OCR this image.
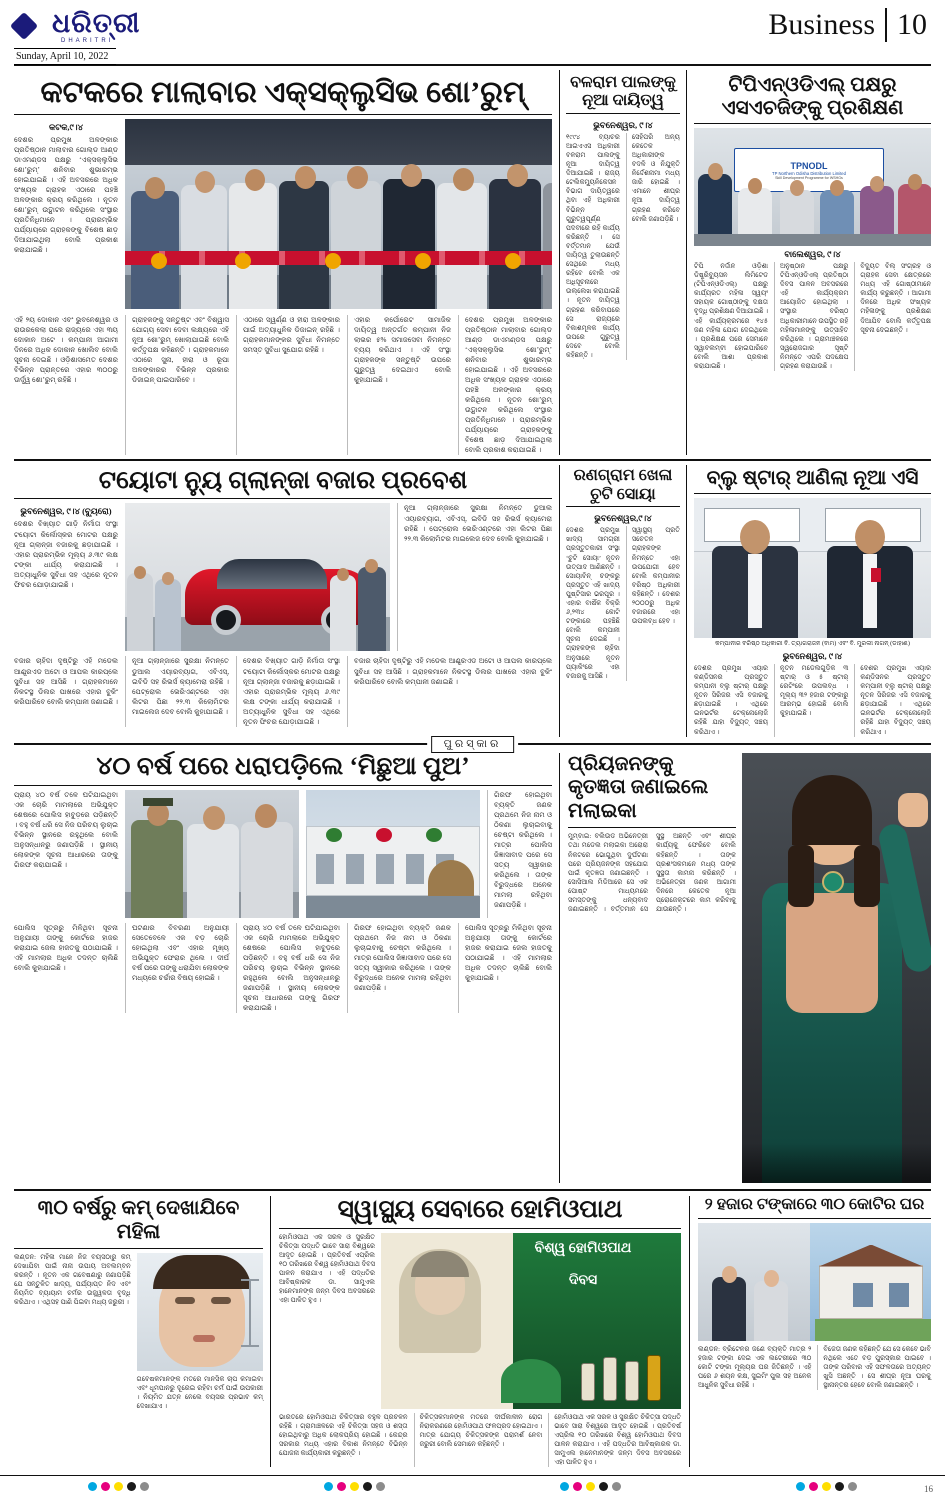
ଧରିତ୍ରୀ
DHARITRI
Sunday, April 10, 2022
Business 10
କଟକରେ ମାଲାବାର ଏକ୍ସକ୍ଲୁସିଭ ଶୋ’ରୁମ୍
କଟକ,୯।୪
ଦେଶର ପ୍ରମୁଖ ଅଳଙ୍କାର ପ୍ରତିଷ୍ଠାନ ମାଲାବାର ଗୋଲ୍ଡ ଆଣ୍ଡ ଡାଏମଣ୍ଡସ ପକ୍ଷରୁ ‘ଏକ୍ସକ୍ଲୁସିଭ ଶୋ’ରୁମ୍’ ଶନିବାର ଶୁଭାରମ୍ଭ ହୋଇଯାଇଛି । ଏହି ଅବସରରେ ଅଧିକ ସଂଖ୍ୟକ ଗ୍ରାହକ ଏଠାରେ ପହଞ୍ଚି ଅଳଙ୍କାର କ୍ରୟ କରିଥିଲେ । ନୂତନ ଶୋ’ରୁମ୍ ଉଦ୍ଘାଟନ କରିଥିଲେ ସଂସ୍ଥାର ପ୍ରତିନିଧିମାନେ । ପ୍ରାରମ୍ଭିକ ପର୍ଯ୍ୟାୟରେ ଗ୍ରାହକଙ୍କୁ ବିଶେଷ ଛାଡ଼ ଦିଆଯାଇଥିଲା ବୋଲି ପ୍ରକାଶ କରାଯାଇଛି ।
ଏହି ୨ୟ ଦୋକାନ ଏବଂ ଭୁବନେଶ୍ୱର ଓ ରାଉରକେଲା ପରେ ରାଜ୍ୟରେ ଏହା ୩ୟ ଦୋକାନ ଅଟେ । କମ୍ପାନୀ ଆଗାମୀ ଦିନରେ ଅଧିକ ଦୋକାନ ଖୋଲିବ ବୋଲି ସୂଚନା ଦେଇଛି । ଓଡ଼ିଶାସମେତ ଦେଶର ବିଭିନ୍ନ ପ୍ରାନ୍ତରେ ଏହାର ୩୦୦ରୁ ଊର୍ଦ୍ଧ୍ୱ ଶୋ’ରୁମ୍ ରହିଛି ।
ଗ୍ରାହକଙ୍କୁ ସନ୍ତୁଷ୍ଟ ଏବଂ ବିଶ୍ୱାସ ଯୋଗ୍ୟ ସେବା ଦେବା ଲକ୍ଷ୍ୟରେ ଏହି ନୂଆ ଶୋ’ରୁମ୍ ଖୋଲାଯାଇଛି ବୋଲି କର୍ତ୍ତୃପକ୍ଷ କହିଛନ୍ତି । ଗ୍ରାହକମାନେ ଏଠାରେ ସୁନା, ହୀରା ଓ ରୂପା ଅଳଙ୍କାରର ବିଭିନ୍ନ ପ୍ରକାର ଡିଜାଇନ୍ ପାଇପାରିବେ ।
ଏଠାରେ ସ୍ୱର୍ଣ୍ଣ ଓ ହୀରା ଅଳଙ୍କାର ପାଇଁ ଅତ୍ୟାଧୁନିକ ଡିଜାଇନ୍ ରହିଛି । ଗ୍ରାହକମାନଙ୍କର ସୁବିଧା ନିମନ୍ତେ ସମସ୍ତ ସୁବିଧା ସୁଯୋଗ ରହିଛି ।
ଏହାର କର୍ପୋରେଟ ସାମାଜିକ ଦାୟିତ୍ୱ ଅନ୍ତର୍ଗତ କମ୍ପାନୀ ନିଜ ଲାଭର ୫% ସମାଜସେବା ନିମନ୍ତେ ବ୍ୟୟ କରିଥାଏ । ଏହି ସଂସ୍ଥା ଗ୍ରାହକଙ୍କ ସନ୍ତୁଷ୍ଟି ଉପରେ ଗୁରୁତ୍ୱ ଦେଇଥାଏ ବୋଲି କୁହାଯାଇଛି ।
ଦେଶର ପ୍ରମୁଖ ଅଳଙ୍କାର ପ୍ରତିଷ୍ଠାନ ମାଲାବାର ଗୋଲ୍ଡ ଆଣ୍ଡ ଡାଏମଣ୍ଡସ ପକ୍ଷରୁ ‘ଏକ୍ସକ୍ଲୁସିଭ ଶୋ’ରୁମ୍’ ଶନିବାର ଶୁଭାରମ୍ଭ ହୋଇଯାଇଛି । ଏହି ଅବସରରେ ଅଧିକ ସଂଖ୍ୟକ ଗ୍ରାହକ ଏଠାରେ ପହଞ୍ଚି ଅଳଙ୍କାର କ୍ରୟ କରିଥିଲେ । ନୂତନ ଶୋ’ରୁମ୍ ଉଦ୍ଘାଟନ କରିଥିଲେ ସଂସ୍ଥାର ପ୍ରତିନିଧିମାନେ । ପ୍ରାରମ୍ଭିକ ପର୍ଯ୍ୟାୟରେ ଗ୍ରାହକଙ୍କୁ ବିଶେଷ ଛାଡ଼ ଦିଆଯାଇଥିଲା ବୋଲି ପ୍ରକାଶ କରାଯାଇଛି ।
ବଳରାମ ପାଲଙ୍କୁ ନୂଆ ଦାୟିତ୍ୱ
ଭୁବନେଶ୍ୱର, ୯।୪
୧୯୯୪ ବ୍ୟାଚର ଆଇଏଏସ ଅଧିକାରୀ ବଳରାମ ପାଲଙ୍କୁ ନୂଆ ଦାୟିତ୍ୱ ଦିଆଯାଇଛି । ରାଜ୍ୟ ଟେଲିକମ୍ୟୁନିକେସନ ବିଭାଗ ଦାୟିତ୍ୱରେ ଥିବା ଏହି ଅଧିକାରୀ ବିଭିନ୍ନ ଗୁରୁତ୍ୱପୂର୍ଣ୍ଣ ପଦବୀରେ ରହି କାର୍ଯ୍ୟ କରିଛନ୍ତି । ସେ ବର୍ତ୍ତମାନ ଯେଉଁ ଦାୟିତ୍ୱ ତୁଲାଉଛନ୍ତି ସେଥିରେ ମଧ୍ୟ ରହିବେ ବୋଲି ଏକ ଅଧିସୂଚନାରେ ଉଲ୍ଲେଖ କରାଯାଇଛି । ନୂତନ ଦାୟିତ୍ୱ ଗ୍ରହଣ କରିବାପରେ ସେ ରାଜ୍ୟରେ ବିକାଶମୂଳକ କାର୍ଯ୍ୟ ଉପରେ ଗୁରୁତ୍ୱ ଦେବେ ବୋଲି କହିଛନ୍ତି ।
ସେହିପରି ଅନ୍ୟ କେତେକ ଅଧିକାରୀଙ୍କ ବଦଳି ଓ ନିଯୁକ୍ତି ନିର୍ଦ୍ଦେଶନାମା ମଧ୍ୟ ଜାରି ହୋଇଛି । ଏମାନେ ଶୀଘ୍ର ନୂଆ ଦାୟିତ୍ୱ ଗ୍ରହଣ କରିବେ ବୋଲି ଜଣାପଡ଼ିଛି ।
ଟିପିଏନ୍ଓଡିଏଲ୍ ପକ୍ଷରୁ ଏସଏଚଜିଙ୍କୁ ପ୍ରଶିକ୍ଷଣ
TPNODL
TP Northern Odisha Distribution Limited
Skill Development Programme for WSHGs
ବାଲେଶ୍ୱର, ୯।୪
ଟିପି ନର୍ଦ୍ଦାନ ଓଡ଼ିଶା ଡିଷ୍ଟ୍ରିବ୍ୟୁସନ ଲିମିଟେଡ (ଟିପିଏନ୍ଓଡିଏଲ୍) ପକ୍ଷରୁ କାର୍ଯ୍ୟରତ ମହିଳା ସ୍ୱୟଂ ସହାୟକ ଗୋଷ୍ଠୀଙ୍କୁ ଦକ୍ଷତା ବୃଦ୍ଧି ପ୍ରଶିକ୍ଷଣ ଦିଆଯାଇଛି । ଏହି କାର୍ଯ୍ୟକ୍ରମରେ ୧୪୫ ଜଣ ମହିଳା ଯୋଗ ଦେଇଥିଲେ । ପ୍ରଶିକ୍ଷଣ ପରେ ସେମାନେ ସ୍ୱାବଲମ୍ବୀ ହୋଇପାରିବେ ବୋଲି ଆଶା ପ୍ରକାଶ କରାଯାଇଛି ।
ଅନୁଷ୍ଠାନ ପକ୍ଷରୁ ଟିପିଏନ୍ଓଡିଏଲ୍ ପ୍ରତିଷ୍ଠା ଦିବସ ପାଳନ ଅବସରରେ ଏହି କାର୍ଯ୍ୟକ୍ରମ ଆୟୋଜିତ ହୋଇଥିଲା । ସଂସ୍ଥାର ବରିଷ୍ଠ ଅଧିକାରୀମାନେ ଉପସ୍ଥିତ ରହି ମହିଳାମାନଙ୍କୁ ଉତ୍ସାହିତ କରିଥିଲେ । ଗ୍ରାମାଞ୍ଚଳରେ ସ୍ୱରୋଜଗାର ସୃଷ୍ଟି ନିମନ୍ତେ ଏପରି ପଦକ୍ଷେପ ଗ୍ରହଣ କରାଯାଉଛି ।
ବିଦ୍ୟୁତ ବିଲ୍ ସଂଗ୍ରହ ଓ ଗ୍ରାହକ ସେବା କ୍ଷେତ୍ରରେ ମଧ୍ୟ ଏହି ଗୋଷ୍ଠୀମାନେ କାର୍ଯ୍ୟ କରୁଛନ୍ତି । ଆଗାମୀ ଦିନରେ ଅଧିକ ସଂଖ୍ୟକ ମହିଳାଙ୍କୁ ପ୍ରଶିକ୍ଷଣ ଦିଆଯିବ ବୋଲି କର୍ତ୍ତୃପକ୍ଷ ସୂଚନା ଦେଇଛନ୍ତି ।
ଟୟୋଟା ନ୍ୟୁ ଗ୍ଲାନ୍ଜା ବଜାର ପ୍ରବେଶ
ଭୁବନେଶ୍ୱର, ୯।୪ (ବ୍ୟୁରୋ)
ଦେଶର ବିଖ୍ୟାତ ଗାଡ଼ି ନିର୍ମାତା ସଂସ୍ଥା ଟୟୋଟା କିର୍ଲୋସ୍କର ମୋଟର ପକ୍ଷରୁ ନୂଆ ଗ୍ଲାନ୍ଜା ବଜାରକୁ ଛଡ଼ାଯାଇଛି । ଏହାର ପ୍ରାରମ୍ଭିକ ମୂଲ୍ୟ ୬.୩୯ ଲକ୍ଷ ଟଙ୍କା ଧାର୍ଯ୍ୟ କରାଯାଇଛି । ଅତ୍ୟାଧୁନିକ ସୁବିଧା ସହ ଏଥିରେ ନୂତନ ଫିଚର ଯୋଡ଼ାଯାଇଛି ।
ନୂଆ ଗ୍ଲାନ୍ଜାରେ ସୁରକ୍ଷା ନିମନ୍ତେ ଡୁଆଲ ଏୟାରବ୍ୟାଗ, ଏବିଏସ୍, ଇବିଡି ସହ ରିଭର୍ସ କ୍ୟାମେରା ରହିଛି । ପେଟ୍ରୋଲ ଭେରିଏଣ୍ଟରେ ଏହା ଲିଟର ପିଛା ୨୨.୩ କିଲୋମିଟର ମାଇଲେଜ ଦେବ ବୋଲି କୁହାଯାଇଛି ।
ବଜାର ଚାହିଦା ଦୃଷ୍ଟିରୁ ଏହି ମଡେଲ ଆଣ୍ଡ୍ରଏଡ ଅଟୋ ଓ ଆପଲ କାରପ୍ଲେ ସୁବିଧା ସହ ଆସିଛି । ଗ୍ରାହକମାନେ ନିକଟସ୍ଥ ଡିଲର ପାଖରେ ଏହାର ବୁକିଂ କରିପାରିବେ ବୋଲି କମ୍ପାନୀ ଜଣାଇଛି ।
ନୂଆ ଗ୍ଲାନ୍ଜାରେ ସୁରକ୍ଷା ନିମନ୍ତେ ଡୁଆଲ ଏୟାରବ୍ୟାଗ, ଏବିଏସ୍, ଇବିଡି ସହ ରିଭର୍ସ କ୍ୟାମେରା ରହିଛି । ପେଟ୍ରୋଲ ଭେରିଏଣ୍ଟରେ ଏହା ଲିଟର ପିଛା ୨୨.୩ କିଲୋମିଟର ମାଇଲେଜ ଦେବ ବୋଲି କୁହାଯାଇଛି ।
ଦେଶର ବିଖ୍ୟାତ ଗାଡ଼ି ନିର୍ମାତା ସଂସ୍ଥା ଟୟୋଟା କିର୍ଲୋସ୍କର ମୋଟର ପକ୍ଷରୁ ନୂଆ ଗ୍ଲାନ୍ଜା ବଜାରକୁ ଛଡ଼ାଯାଇଛି । ଏହାର ପ୍ରାରମ୍ଭିକ ମୂଲ୍ୟ ୬.୩୯ ଲକ୍ଷ ଟଙ୍କା ଧାର୍ଯ୍ୟ କରାଯାଇଛି । ଅତ୍ୟାଧୁନିକ ସୁବିଧା ସହ ଏଥିରେ ନୂତନ ଫିଚର ଯୋଡ଼ାଯାଇଛି ।
ବଜାର ଚାହିଦା ଦୃଷ୍ଟିରୁ ଏହି ମଡେଲ ଆଣ୍ଡ୍ରଏଡ ଅଟୋ ଓ ଆପଲ କାରପ୍ଲେ ସୁବିଧା ସହ ଆସିଛି । ଗ୍ରାହକମାନେ ନିକଟସ୍ଥ ଡିଲର ପାଖରେ ଏହାର ବୁକିଂ କରିପାରିବେ ବୋଲି କମ୍ପାନୀ ଜଣାଇଛି ।
ରଣଗ୍ରାମ ଖେଳା ଚୁଟି ସୋୟା
ଭୁବନେଶ୍ୱର,୯।୪
ଦେଶର ପ୍ରମୁଖ ଖାଦ୍ୟ ସାମଗ୍ରୀ ପ୍ରସ୍ତୁତକାରୀ ସଂସ୍ଥା ‘ଚୁଟି ସୋୟା’ ନୂତନ ଉତ୍ପାଦ ଆଣିଛନ୍ତି । ସୋୟାବିନ୍ ଚଙ୍କରୁ ପ୍ରସ୍ତୁତ ଏହି ଖାଦ୍ୟ ପୁଷ୍ଟିସାର ଭରପୂର । ଏହାର ବାର୍ଷିକ ବିକ୍ରି ୬,୨୩୪ କୋଟି ଟଙ୍କାରେ ପହଞ୍ଚିଛି ବୋଲି କମ୍ପାନୀ ସୂଚନା ଦେଇଛି । ଗ୍ରାହକଙ୍କ ଚାହିଦା ଅନୁସାରେ ନୂତନ ପ୍ୟାକିଂରେ ଏହା ବଜାରକୁ ଆସିଛି ।
ସ୍ୱାସ୍ଥ୍ୟ ପ୍ରତି ସଚେତନ ଗ୍ରାହକଙ୍କ ନିମନ୍ତେ ଏହା ଉପଯୋଗୀ ହେବ ବୋଲି କମ୍ପାନୀର ବରିଷ୍ଠ ଅଧିକାରୀ କହିଛନ୍ତି । ଦେଶର ୨୦୦୦ରୁ ଅଧିକ ବଜାରରେ ଏହା ଉପଲବ୍ଧ ହେବ ।
ବ୍ଲୁ ଷ୍ଟାର୍ ଆଣିଲା ନୂଆ ଏସି
କମ୍ପାନୀର ବରିଷ୍ଠ ଅଧିକାରୀ ବି. ତ୍ୟାଗରାଜନ (ବାମ) ଏବଂ ବି. ମୁରଲୀ ନାଗନ୍ (ଡାହାଣ)
ଭୁବନେଶ୍ୱର, ୯।୪
ଦେଶର ପ୍ରମୁଖ ଏୟାର କଣ୍ଡିସନର ପ୍ରସ୍ତୁତ କମ୍ପାନୀ ବ୍ଲୁ ଷ୍ଟାର୍ ପକ୍ଷରୁ ନୂତନ ସିରିଜର ଏସି ବଜାରକୁ ଛଡ଼ାଯାଇଛି । ଏଥିରେ ଇନଭର୍ଟର ଟେକ୍ନୋଲୋଜି ରହିଛି ଯାହା ବିଦ୍ୟୁତ୍ ସଞ୍ଚୟ କରିଥାଏ ।
ନୂତନ ମଡେଲଗୁଡ଼ିକ ୩ ଷ୍ଟାର୍ ଓ ୫ ଷ୍ଟାର୍ ରେଟିଂରେ ଉପଲବ୍ଧ । ମୂଲ୍ୟ ୩୨ ହଜାର ଟଙ୍କାରୁ ଆରମ୍ଭ ହୋଇଛି ବୋଲି କୁହାଯାଇଛି ।
ଦେଶର ପ୍ରମୁଖ ଏୟାର କଣ୍ଡିସନର ପ୍ରସ୍ତୁତ କମ୍ପାନୀ ବ୍ଲୁ ଷ୍ଟାର୍ ପକ୍ଷରୁ ନୂତନ ସିରିଜର ଏସି ବଜାରକୁ ଛଡ଼ାଯାଇଛି । ଏଥିରେ ଇନଭର୍ଟର ଟେକ୍ନୋଲୋଜି ରହିଛି ଯାହା ବିଦ୍ୟୁତ୍ ସଞ୍ଚୟ କରିଥାଏ ।
ପୁରସ୍କାର
୪୦ ବର୍ଷ ପରେ ଧରାପଡ଼ିଲେ ‘ମିଛୁଆ ପୁଅ’
ପ୍ରାୟ ୪୦ ବର୍ଷ ତଳେ ଘଟିଯାଇଥିବା ଏକ ଚୋରି ମାମଲାରେ ଅଭିଯୁକ୍ତ ଶେଷରେ ପୋଲିସ ହାବୁଡ଼ରେ ପଡ଼ିଛନ୍ତି । ବହୁ ବର୍ଷ ଧରି ସେ ନିଜ ପରିଚୟ ଲୁଚାଇ ବିଭିନ୍ନ ସ୍ଥାନରେ ରହୁଥିଲେ ବୋଲି ଅନୁସନ୍ଧାନରୁ ଜଣାପଡ଼ିଛି । ସ୍ଥାନୀୟ ଲୋକଙ୍କ ସୂଚନା ଆଧାରରେ ତାଙ୍କୁ ଗିରଫ କରାଯାଇଛି ।
ଗିରଫ ହୋଇଥିବା ବ୍ୟକ୍ତି ଜଣକ ପ୍ରଥମେ ନିଜ ନାମ ଓ ଠିକଣା ଲୁଚାଇବାକୁ ଚେଷ୍ଟା କରିଥିଲେ । ମାତ୍ର ପୋଲିସ ଜିଜ୍ଞାସାବାଦ ପରେ ସେ ସତ୍ୟ ସ୍ୱୀକାର କରିଥିଲେ । ତାଙ୍କ ବିରୁଦ୍ଧରେ ଅନେକ ମାମଲା ରହିଥିବା ଜଣାପଡ଼ିଛି ।
ପୋଲିସ ସୂତ୍ରରୁ ମିଳିଥିବା ସୂଚନା ଅନୁଯାୟୀ ତାଙ୍କୁ କୋର୍ଟରେ ହାଜର କରାଯାଇ ଜେଲ ହାଜତକୁ ପଠାଯାଇଛି । ଏହି ମାମଲାର ଅଧିକ ତଦନ୍ତ ଚାଲିଛି ବୋଲି କୁହାଯାଇଛି ।
ଘଟଣାର ବିବରଣୀ ଅନୁଯାୟୀ ସେତେବେଳେ ଏକ ବଡ଼ ଚୋରି ହୋଇଥିଲା ଏବଂ ଏହାର ମୂଖ୍ୟ ଅଭିଯୁକ୍ତ ଫେରାର ଥିଲେ । ଦୀର୍ଘ ବର୍ଷ ପରେ ତାଙ୍କୁ ଧରାଯିବା ଲୋକଙ୍କ ମଧ୍ୟରେ ଚର୍ଚ୍ଚାର ବିଷୟ ହୋଇଛି ।
ପ୍ରାୟ ୪୦ ବର୍ଷ ତଳେ ଘଟିଯାଇଥିବା ଏକ ଚୋରି ମାମଲାରେ ଅଭିଯୁକ୍ତ ଶେଷରେ ପୋଲିସ ହାବୁଡ଼ରେ ପଡ଼ିଛନ୍ତି । ବହୁ ବର୍ଷ ଧରି ସେ ନିଜ ପରିଚୟ ଲୁଚାଇ ବିଭିନ୍ନ ସ୍ଥାନରେ ରହୁଥିଲେ ବୋଲି ଅନୁସନ୍ଧାନରୁ ଜଣାପଡ଼ିଛି । ସ୍ଥାନୀୟ ଲୋକଙ୍କ ସୂଚନା ଆଧାରରେ ତାଙ୍କୁ ଗିରଫ କରାଯାଇଛି ।
ଗିରଫ ହୋଇଥିବା ବ୍ୟକ୍ତି ଜଣକ ପ୍ରଥମେ ନିଜ ନାମ ଓ ଠିକଣା ଲୁଚାଇବାକୁ ଚେଷ୍ଟା କରିଥିଲେ । ମାତ୍ର ପୋଲିସ ଜିଜ୍ଞାସାବାଦ ପରେ ସେ ସତ୍ୟ ସ୍ୱୀକାର କରିଥିଲେ । ତାଙ୍କ ବିରୁଦ୍ଧରେ ଅନେକ ମାମଲା ରହିଥିବା ଜଣାପଡ଼ିଛି ।
ପୋଲିସ ସୂତ୍ରରୁ ମିଳିଥିବା ସୂଚନା ଅନୁଯାୟୀ ତାଙ୍କୁ କୋର୍ଟରେ ହାଜର କରାଯାଇ ଜେଲ ହାଜତକୁ ପଠାଯାଇଛି । ଏହି ମାମଲାର ଅଧିକ ତଦନ୍ତ ଚାଲିଛି ବୋଲି କୁହାଯାଇଛି ।
ପ୍ରିୟଜନଙ୍କୁ କୃତଜ୍ଞତା ଜଣାଇଲେ ମଲାଇକା
ମୁମ୍ବାଇ: ବଲିଉଡ ଅଭିନେତ୍ରୀ ତଥା ମଡେଲ ମଲାଇକା ଅରୋରା ନିକଟରେ ଭୋଗୁଥିବା ଦୁର୍ଘଟଣା ପରେ ପ୍ରିୟଜନଙ୍କ ସହଯୋଗ ପାଇଁ କୃତଜ୍ଞତା ଜଣାଇଛନ୍ତି । ସୋସିଆଲ ମିଡିଆରେ ସେ ଏକ ପୋଷ୍ଟ ମାଧ୍ୟମରେ ସମସ୍ତଙ୍କୁ ଧନ୍ୟବାଦ ଜଣାଇଛନ୍ତି । ବର୍ତ୍ତମାନ ସେ ସୁସ୍ଥ ଅଛନ୍ତି ଏବଂ ଶୀଘ୍ର କାର୍ଯ୍ୟକୁ ଫେରିବେ ବୋଲି କହିଛନ୍ତି । ତାଙ୍କ ପ୍ରଶଂସକମାନେ ମଧ୍ୟ ତାଙ୍କ ସୁସ୍ଥତା କାମନା କରିଛନ୍ତି । ଅଭିନେତ୍ରୀ ଜଣକ ଆଗାମୀ ଦିନରେ କେତେକ ନୂଆ ପ୍ରୋଜେକ୍ଟରେ କାମ କରିବାକୁ ଯାଉଛନ୍ତି ।
୩୦ ବର୍ଷରୁ କମ୍ ଦେଖାଯିବେ ମହିଳା
ଲଣ୍ଡନ: ମହିଳା ମାନେ ନିଜ ବୟସଠାରୁ କମ୍ ଦେଖାଯିବା ପାଇଁ ନାନା ଉପାୟ ଅବଲମ୍ବନ କରନ୍ତି । ନୂତନ ଏକ ଗବେଷଣାରୁ ଜଣାପଡ଼ିଛି ଯେ ସନ୍ତୁଳିତ ଖାଦ୍ୟ, ପର୍ଯ୍ୟାପ୍ତ ନିଦ ଏବଂ ନିୟମିତ ବ୍ୟାୟାମ ଚର୍ମର ଉଜ୍ଜ୍ୱଳତା ବୃଦ୍ଧି କରିଥାଏ । ଏଥିସହ ପାଣି ପିଇବା ମଧ୍ୟ ଜରୁରୀ ।
ଗବେଷକମାନଙ୍କ ମତରେ ମାନସିକ ଚାପ କମାଇବା ଏବଂ ଧୂମପାନରୁ ଦୂରେଇ ରହିବା ଚର୍ମ ପାଇଁ ଉପକାରୀ । ନିୟମିତ ଯତ୍ନ ନେଲେ ବୟସର ପ୍ରଭାବ କମ୍ ଦେଖାଯାଏ ।
ସ୍ୱାସ୍ଥ୍ୟ ସେବାରେ ହୋମିଓପାଥ
ହୋମିଓପାଥ ଏକ ସରଳ ଓ ସୁରକ୍ଷିତ ଚିକିତ୍ସା ପଦ୍ଧତି ଭାବେ ସାରା ବିଶ୍ୱରେ ଆଦୃତ ହୋଇଛି । ପ୍ରତିବର୍ଷ ଏପ୍ରିଲ ୧୦ ତାରିଖରେ ବିଶ୍ୱ ହୋମିଓପାଥ ଦିବସ ପାଳନ କରାଯାଏ । ଏହି ପଦ୍ଧତିର ଆବିଷ୍କାରକ ଡା. ସାମୁଏଲ ହାନେମାନଙ୍କ ଜନ୍ମ ଦିବସ ଅବସରରେ ଏହା ପାଳିତ ହୁଏ ।
ବିଶ୍ୱ ହୋମିଓପାଥ
ଦିବସ
ଭାରତରେ ହୋମିଓପାଥ ଚିକିତ୍ସାର ବହୁଳ ପ୍ରଚଳନ ରହିଛି । ଗ୍ରାମାଞ୍ଚଳରେ ଏହି ଚିକିତ୍ସା ସହଜ ଓ ଶସ୍ତା ହୋଇଥିବାରୁ ଅଧିକ ଲୋକପ୍ରିୟ ହୋଇଛି । କେନ୍ଦ୍ର ସରକାର ମଧ୍ୟ ଏହାର ବିକାଶ ନିମନ୍ତେ ବିଭିନ୍ନ ଯୋଜନା କାର୍ଯ୍ୟକାରୀ କରୁଛନ୍ତି ।
ଚିକିତ୍ସକମାନଙ୍କ ମତରେ ଦୀର୍ଘକାଳୀନ ରୋଗ ନିରାକରଣରେ ହୋମିଓପାଥ ଫଳପ୍ରଦ ହୋଇଥାଏ । ମାତ୍ର ଯୋଗ୍ୟ ଚିକିତ୍ସକଙ୍କ ପରାମର୍ଶ ନେବା ଜରୁରୀ ବୋଲି ସେମାନେ କହିଛନ୍ତି ।
ହୋମିଓପାଥ ଏକ ସରଳ ଓ ସୁରକ୍ଷିତ ଚିକିତ୍ସା ପଦ୍ଧତି ଭାବେ ସାରା ବିଶ୍ୱରେ ଆଦୃତ ହୋଇଛି । ପ୍ରତିବର୍ଷ ଏପ୍ରିଲ ୧୦ ତାରିଖରେ ବିଶ୍ୱ ହୋମିଓପାଥ ଦିବସ ପାଳନ କରାଯାଏ । ଏହି ପଦ୍ଧତିର ଆବିଷ୍କାରକ ଡା. ସାମୁଏଲ ହାନେମାନଙ୍କ ଜନ୍ମ ଦିବସ ଅବସରରେ ଏହା ପାଳିତ ହୁଏ ।
୨ ହଜାର ଟଙ୍କାରେ ୩୦ କୋଟିର ଘର
ଲଣ୍ଡନ: ବ୍ରିଟେନର ଜଣେ ବ୍ୟକ୍ତି ମାତ୍ର ୨ ହଜାର ଟଙ୍କା ଦେଇ ଏକ ଲଟେରୀରେ ୩୦ କୋଟି ଟଙ୍କା ମୂଲ୍ୟର ଘର ଜିତିଛନ୍ତି । ଏହି ଘରେ ୬ ଶୟନ କକ୍ଷ, ସୁଇମିଂ ପୁଲ ସହ ଅନେକ ଆଧୁନିକ ସୁବିଧା ରହିଛି ।
ବିଜେତା ଜଣକ କହିଛନ୍ତି ଯେ ସେ କେବେ ଭାବି ନଥିଲେ ଏତେ ବଡ଼ ପୁରସ୍କାର ପାଇବେ । ତାଙ୍କ ପରିବାର ଏହି ସଫଳତାରେ ଅତ୍ୟନ୍ତ ଖୁସି ଅଛନ୍ତି । ସେ ଶୀଘ୍ର ନୂଆ ଘରକୁ ସ୍ଥାନାନ୍ତର ହେବେ ବୋଲି ଜଣାଇଛନ୍ତି ।
16
